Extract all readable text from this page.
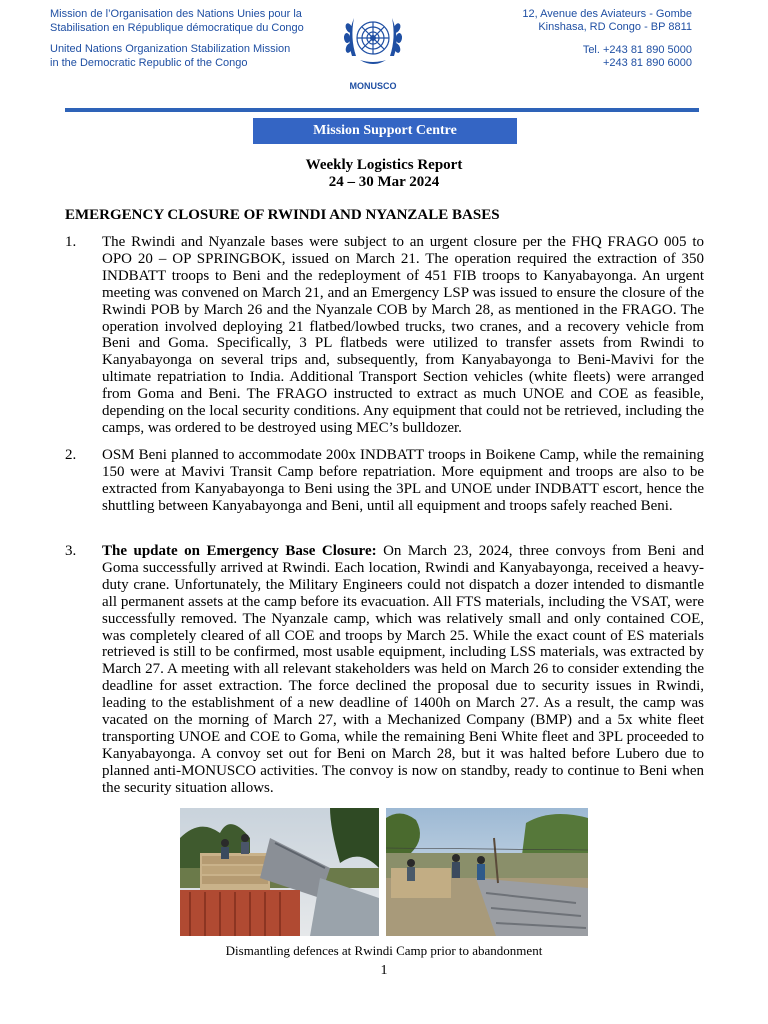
Mission de l’Organisation des Nations Unies pour la
Stabilisation en République démocratique du Congo
United Nations Organization Stabilization Mission
in the Democratic Republic of the Congo
MONUSCO
12, Avenue des Aviateurs - Gombe
Kinshasa, RD Congo - BP 8811
Tel. +243 81 890 5000
+243 81 890 6000
Mission Support Centre
Weekly Logistics Report
24 – 30 Mar 2024
EMERGENCY CLOSURE OF RWINDI AND NYANZALE BASES
1. The Rwindi and Nyanzale bases were subject to an urgent closure per the FHQ FRAGO 005 to OPO 20 – OP SPRINGBOK, issued on March 21. The operation required the extraction of 350 INDBATT troops to Beni and the redeployment of 451 FIB troops to Kanyabayonga. An urgent meeting was convened on March 21, and an Emergency LSP was issued to ensure the closure of the Rwindi POB by March 26 and the Nyanzale COB by March 28, as mentioned in the FRAGO. The operation involved deploying 21 flatbed/lowbed trucks, two cranes, and a recovery vehicle from Beni and Goma. Specifically, 3 PL flatbeds were utilized to transfer assets from Rwindi to Kanyabayonga on several trips and, subsequently, from Kanyabayonga to Beni-Mavivi for the ultimate repatriation to India. Additional Transport Section vehicles (white fleets) were arranged from Goma and Beni. The FRAGO instructed to extract as much UNOE and COE as feasible, depending on the local security conditions. Any equipment that could not be retrieved, including the camps, was ordered to be destroyed using MEC’s bulldozer.
2. OSM Beni planned to accommodate 200x INDBATT troops in Boikene Camp, while the remaining 150 were at Mavivi Transit Camp before repatriation. More equipment and troops are also to be extracted from Kanyabayonga to Beni using the 3PL and UNOE under INDBATT escort, hence the shuttling between Kanyabayonga and Beni, until all equipment and troops safely reached Beni.
3. The update on Emergency Base Closure: On March 23, 2024, three convoys from Beni and Goma successfully arrived at Rwindi. Each location, Rwindi and Kanyabayonga, received a heavy-duty crane. Unfortunately, the Military Engineers could not dispatch a dozer intended to dismantle all permanent assets at the camp before its evacuation. All FTS materials, including the VSAT, were successfully removed. The Nyanzale camp, which was relatively small and only contained COE, was completely cleared of all COE and troops by March 25. While the exact count of ES materials retrieved is still to be confirmed, most usable equipment, including LSS materials, was extracted by March 27. A meeting with all relevant stakeholders was held on March 26 to consider extending the deadline for asset extraction. The force declined the proposal due to security issues in Rwindi, leading to the establishment of a new deadline of 1400h on March 27. As a result, the camp was vacated on the morning of March 27, with a Mechanized Company (BMP) and a 5x white fleet transporting UNOE and COE to Goma, while the remaining Beni White fleet and 3PL proceeded to Kanyabayonga. A convoy set out for Beni on March 28, but it was halted before Lubero due to planned anti-MONUSCO activities. The convoy is now on standby, ready to continue to Beni when the security situation allows.
Dismantling defences at Rwindi Camp prior to abandonment
1
